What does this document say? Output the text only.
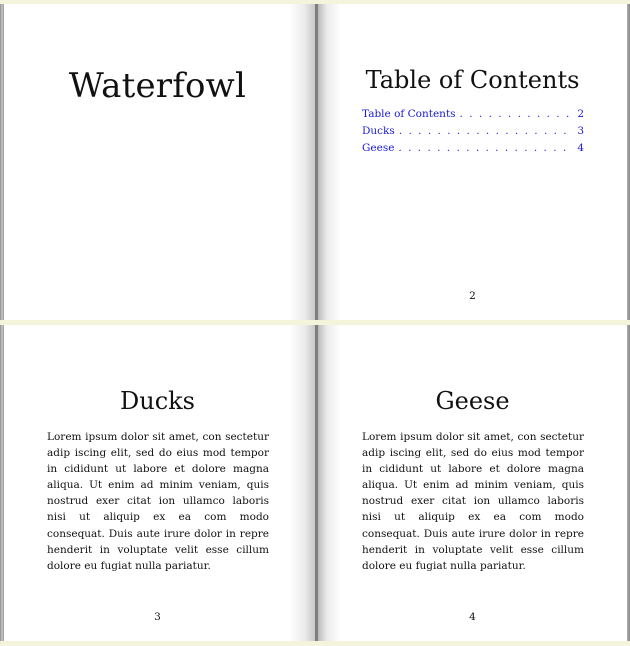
Waterfowl	Table of Contents
Table of Contents . . .	2
Ducks . . .	3
Geese . . .	4
2
Ducks

Lorem ipsum dolor sit amet, con sectetur adip iscing elit, sed do eius mod tempor in cididunt ut labore et dolore magna aliqua. Ut enim ad minim veniam, quis nostrud exer citat ion ullamco laboris nisi ut aliquip ex ea com modo consequat. Duis aute irure dolor in repre henderit in voluptate velit esse cillum dolore eu fugiat nulla pariatur.

3
Geese

Lorem ipsum dolor sit amet, con sectetur adip iscing elit, sed do eius mod tempor in cididunt ut labore et dolore magna aliqua. Ut enim ad minim veniam, quis nostrud exer citat ion ullamco laboris nisi ut aliquip ex ea com modo consequat. Duis aute irure dolor in repre henderit in voluptate velit esse cillum dolore eu fugiat nulla pariatur.

4
